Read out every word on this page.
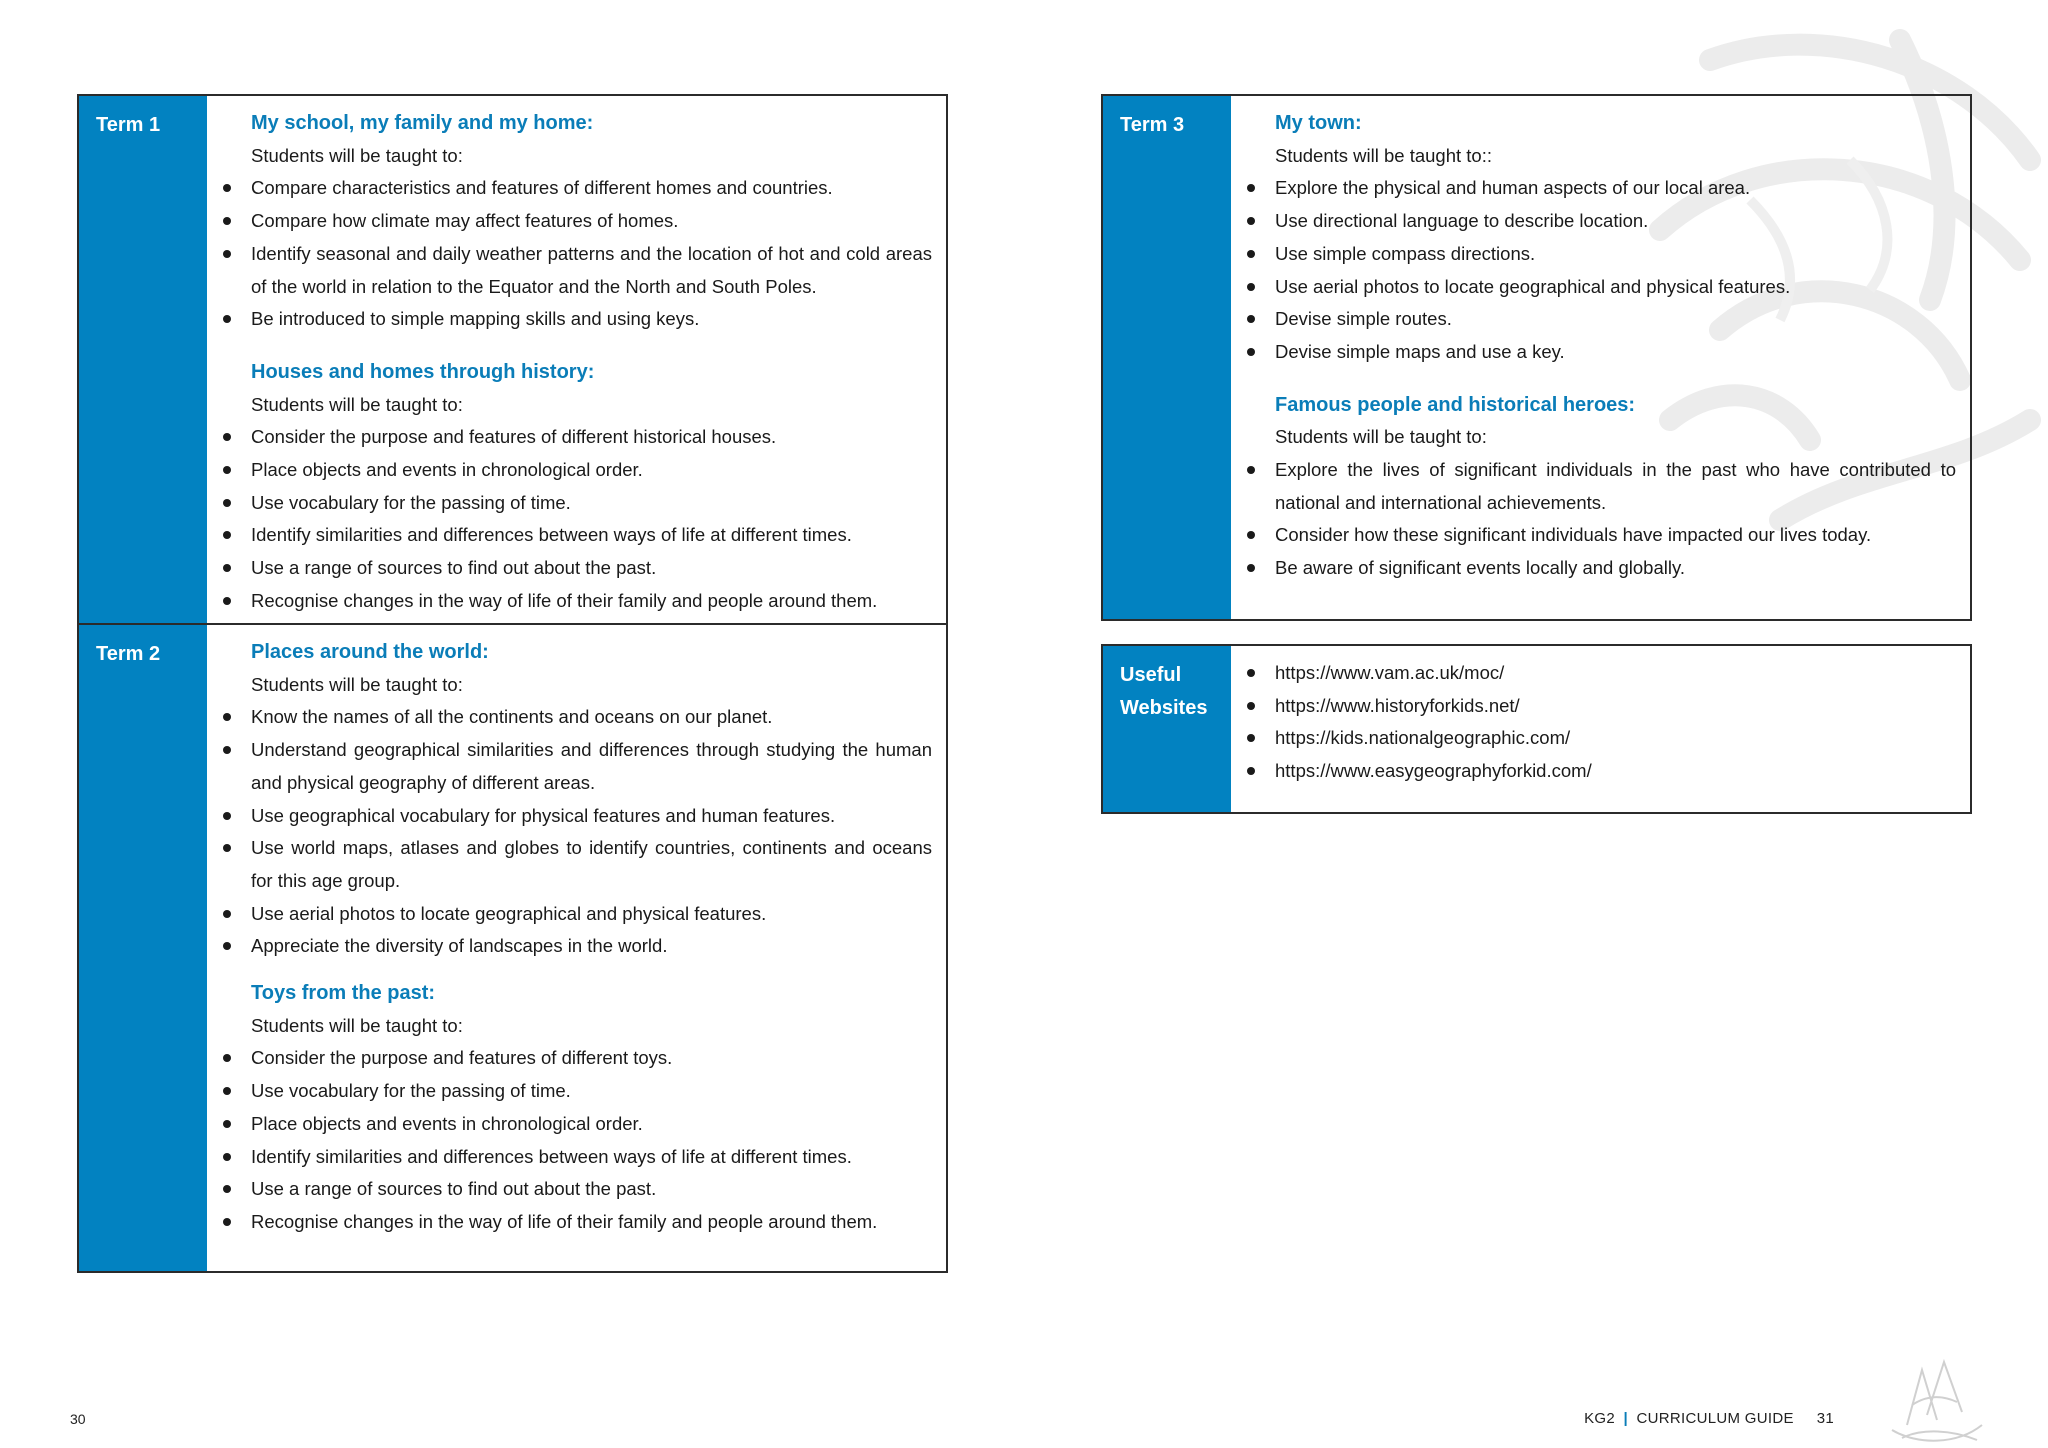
Term 1	My school, my family and my home:
Students will be taught to:
Compare characteristics and features of different homes and countries.
Compare how climate may affect features of homes.
Identify seasonal and daily weather patterns and the location of hot and cold areas of the world in relation to the Equator and the North and South Poles.
Be introduced to simple mapping skills and using keys.
Houses and homes through history:
Students will be taught to:
Consider the purpose and features of different historical houses.
Place objects and events in chronological order.
Use vocabulary for the passing of time.
Identify similarities and differences between ways of life at different times.
Use a range of sources to find out about the past.
Recognise changes in the way of life of their family and people around them.
Term 2	Places around the world:
Students will be taught to:
Know the names of all the continents and oceans on our planet.
Understand geographical similarities and differences through studying the human and physical geography of different areas.
Use geographical vocabulary for physical features and human features.
Use world maps, atlases and globes to identify countries, continents and oceans for this age group.
Use aerial photos to locate geographical and physical features.
Appreciate the diversity of landscapes in the world.
Toys from the past:
Students will be taught to:
Consider the purpose and features of different toys.
Use vocabulary for the passing of time.
Place objects and events in chronological order.
Identify similarities and differences between ways of life at different times.
Use a range of sources to find out about the past.
Recognise changes in the way of life of their family and people around them.
Term 3	My town:
Students will be taught to::
Explore the physical and human aspects of our local area.
Use directional language to describe location.
Use simple compass directions.
Use aerial photos to locate geographical and physical features.
Devise simple routes.
Devise simple maps and use a key.
Famous people and historical heroes:
Students will be taught to:
Explore the lives of significant individuals in the past who have contributed to national and international achievements.
Consider how these significant individuals have impacted our lives today.
Be aware of significant events locally and globally.
Useful
Websites
https://www.vam.ac.uk/moc/
https://www.historyforkids.net/
https://kids.nationalgeographic.com/
https://www.easygeographyforkid.com/
30	KG2 | CURRICULUM GUIDE 31
